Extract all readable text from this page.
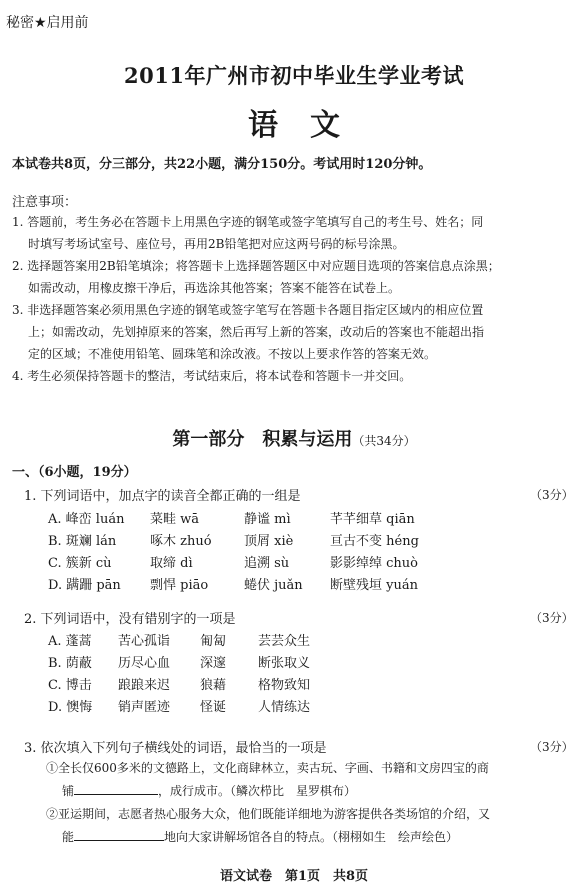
秘密★启用前
2011年广州市初中毕业生学业考试
语文
本试卷共8页，分三部分，共22小题，满分150分。考试用时120分钟。
注意事项：
1. 答题前，考生务必在答题卡上用黑色字迹的钢笔或签字笔填写自己的考生号、姓名；同
时填写考场试室号、座位号，再用2B铅笔把对应这两号码的标号涂黑。
2. 选择题答案用2B铅笔填涂；将答题卡上选择题答题区中对应题目选项的答案信息点涂黑；
如需改动，用橡皮擦干净后，再选涂其他答案；答案不能答在试卷上。
3. 非选择题答案必须用黑色字迹的钢笔或签字笔写在答题卡各题目指定区域内的相应位置
上；如需改动，先划掉原来的答案，然后再写上新的答案，改动后的答案也不能超出指
定的区域；不准使用铅笔、圆珠笔和涂改液。不按以上要求作答的答案无效。
4. 考生必须保持答题卡的整洁，考试结束后，将本试卷和答题卡一并交回。
第一部分　积累与运用（共34分）
一、（6小题，19分）
1. 下列词语中，加点字的读音全都正确的一组是	（3分）
A. 峰峦 luán 菜畦 wā	静谧 mì	芊芊细草 qiān
B. 斑斓 lán	啄木 zhuó 顶屑 xiè	亘古不变 héng
C. 簇新 cù	取缔 dì	追溯 sù	影影绰绰 chuò
D. 蹒跚 pān 剽悍 piāo	蜷伏 juǎn 断壁残垣 yuán
2. 下列词语中，没有错别字的一项是	（3分）
A. 蓬蒿 苦心孤诣 匍匐 芸芸众生
B. 荫蔽 历尽心血 深邃 断张取义
C. 博击 踉踉来迟 狼藉 格物致知
D. 懊悔 销声匿迹 怪诞 人情练达
3. 依次填入下列句子横线处的词语，最恰当的一项是	（3分）
①全长仅600多米的文德路上，文化商肆林立，卖古玩、字画、书籍和文房四宝的商
铺	，成行成市。（鳞次栉比　星罗棋布）
②亚运期间，志愿者热心服务大众，他们既能详细地为游客提供各类场馆的介绍，又
能	地向大家讲解场馆各自的特点。（栩栩如生　绘声绘色）
语文试卷　第1页　共8页
